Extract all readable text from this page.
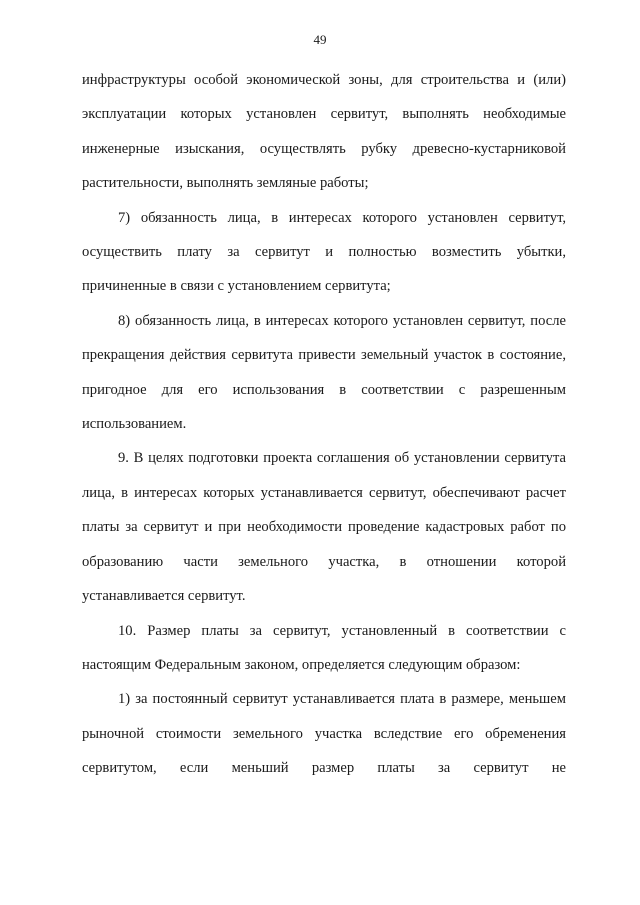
49

инфраструктуры особой экономической зоны, для строительства и (или) эксплуатации которых установлен сервитут, выполнять необходимые инженерные изыскания, осуществлять рубку древесно-кустарниковой растительности, выполнять земляные работы;

7) обязанность лица, в интересах которого установлен сервитут, осуществить плату за сервитут и полностью возместить убытки, причиненные в связи с установлением сервитута;

8) обязанность лица, в интересах которого установлен сервитут, после прекращения действия сервитута привести земельный участок в состояние, пригодное для его использования в соответствии с разрешенным использованием.

9. В целях подготовки проекта соглашения об установлении сервитута лица, в интересах которых устанавливается сервитут, обеспечивают расчет платы за сервитут и при необходимости проведение кадастровых работ по образованию части земельного участка, в отношении которой устанавливается сервитут.

10. Размер платы за сервитут, установленный в соответствии с настоящим Федеральным законом, определяется следующим образом:

1) за постоянный сервитут устанавливается плата в размере, меньшем рыночной стоимости земельного участка вследствие его обременения сервитутом, если меньший размер платы за сервитут не
